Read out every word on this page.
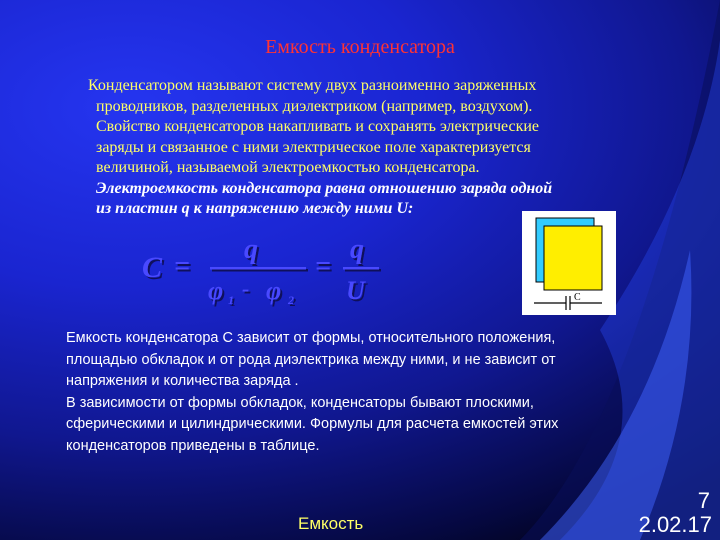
Емкость конденсатора

Конденсатором называют систему двух разноименно заряженных
проводников, разделенных диэлектриком (например, воздухом).
Свойство конденсаторов накапливать и сохранять электрические
заряды и связанное с ними электрическое поле характеризуется
величиной, называемой электроемкостью конденсатора.
Электроемкость конденсатора равна отношению заряда одной
из пластин q к напряжению между ними U:

C =
q
φ 1 - φ 2
=
q
U	C

Емкость конденсатора С зависит от формы, относительного положения,
площадью обкладок и от рода диэлектрика между ними, и не зависит от
напряжения и количества заряда .
В зависимости от формы обкладок, конденсаторы бывают плоскими,
сферическими и цилиндрическими. Формулы для расчета емкостей этих
конденсаторов приведены в таблице.

Емкость
7
2.02.17
